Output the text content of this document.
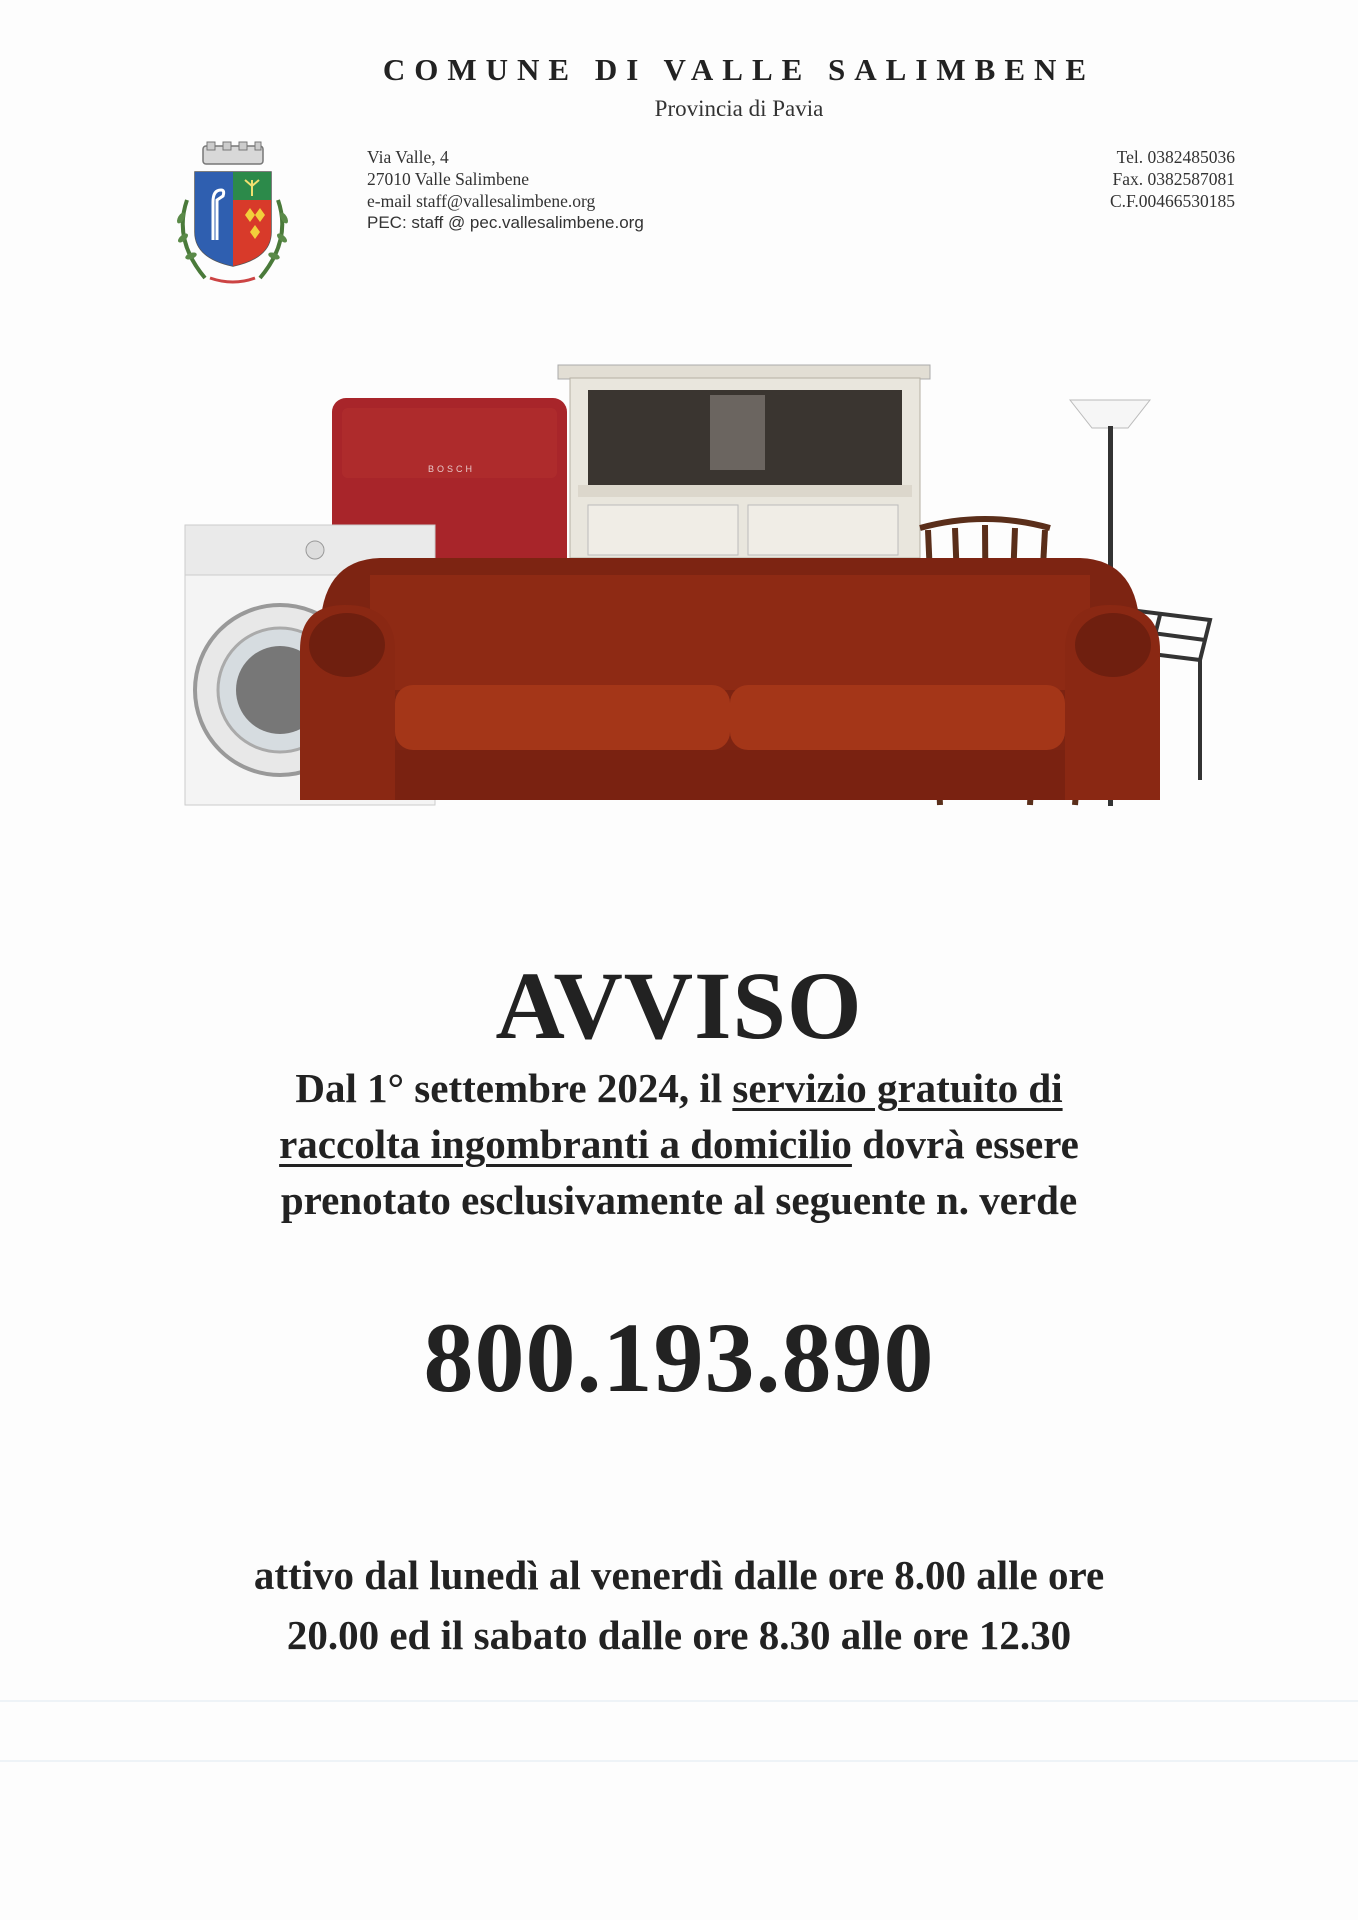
COMUNE DI VALLE SALIMBENE
Provincia di Pavia
Via Valle, 4
27010 Valle Salimbene
e-mail staff@vallesalimbene.org
PEC: staff @ pec.vallesalimbene.org
Tel. 0382485036
Fax. 0382587081
C.F.00466530185
BOSCH
AVVISO
Dal 1° settembre 2024, il servizio gratuito di
raccolta ingombranti a domicilio dovrà essere
prenotato esclusivamente al seguente n. verde
800.193.890
attivo dal lunedì al venerdì dalle ore 8.00 alle ore
20.00 ed il sabato dalle ore 8.30 alle ore 12.30
